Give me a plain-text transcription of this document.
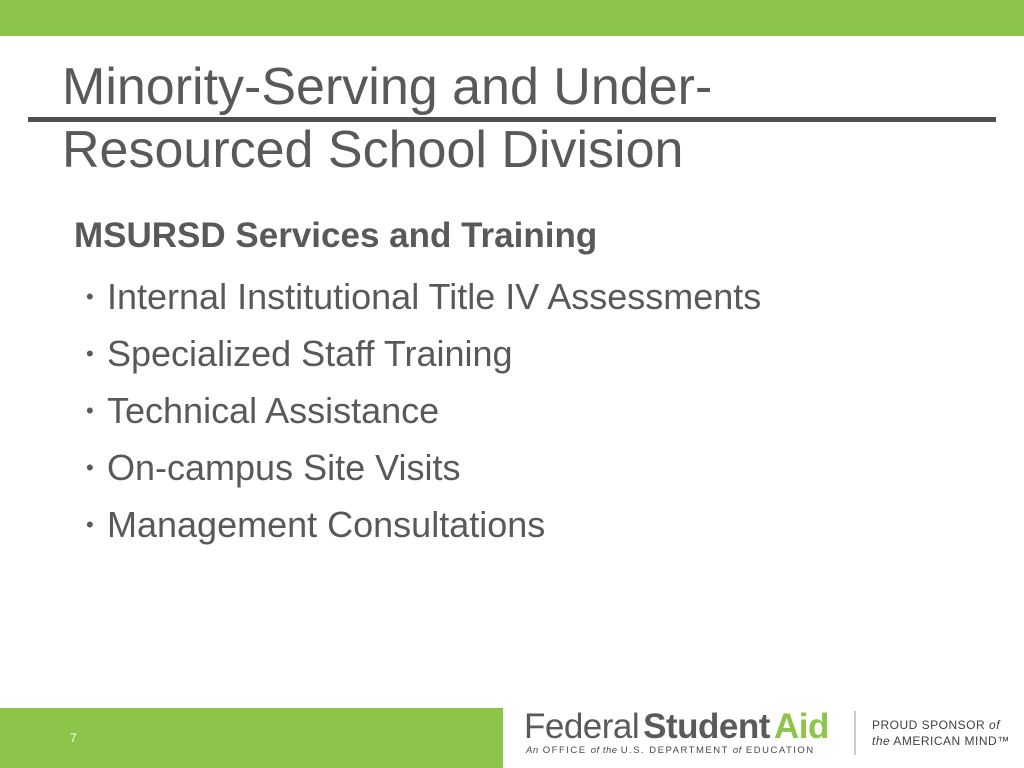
Minority-Serving and Under-
Resourced School Division
MSURSD Services and Training
• Internal Institutional Title IV Assessments
• Specialized Staff Training
• Technical Assistance
• On-campus Site Visits
• Management Consultations
7	Federal Student Aid
An OFFICE of the U.S. DEPARTMENT of EDUCATION
PROUD SPONSOR of
the AMERICAN MIND™
